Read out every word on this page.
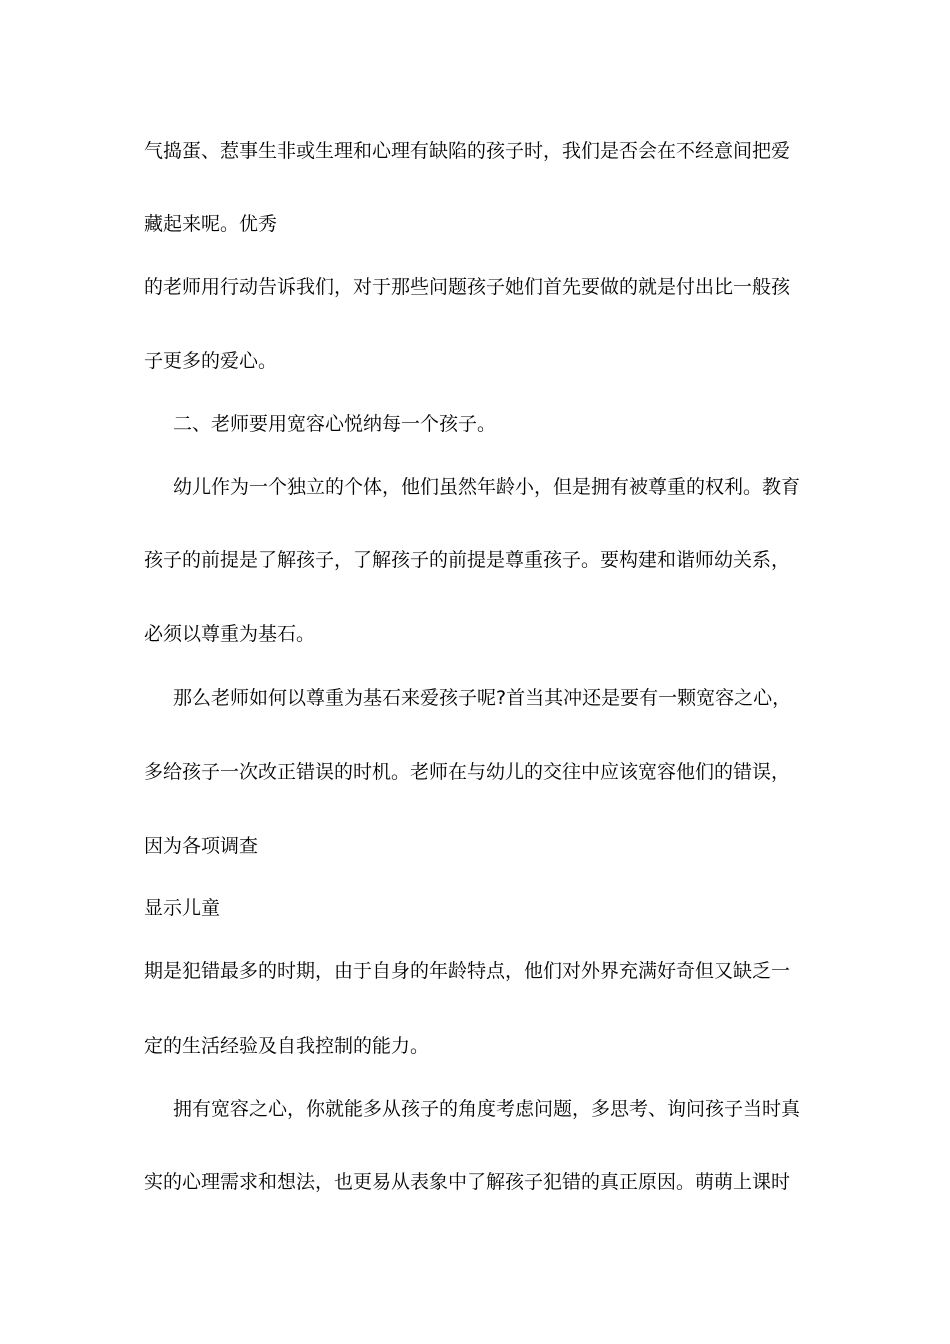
气捣蛋、惹事生非或生理和心理有缺陷的孩子时，我们是否会在不经意间把爱
藏起来呢。优秀
的老师用行动告诉我们，对于那些问题孩子她们首先要做的就是付出比一般孩
子更多的爱心。
二、老师要用宽容心悦纳每一个孩子。
幼儿作为一个独立的个体，他们虽然年龄小，但是拥有被尊重的权利。教育
孩子的前提是了解孩子，了解孩子的前提是尊重孩子。要构建和谐师幼关系，
必须以尊重为基石。
那么老师如何以尊重为基石来爱孩子呢?首当其冲还是要有一颗宽容之心，
多给孩子一次改正错误的时机。老师在与幼儿的交往中应该宽容他们的错误，
因为各项调查
显示儿童
期是犯错最多的时期，由于自身的年龄特点，他们对外界充满好奇但又缺乏一
定的生活经验及自我控制的能力。
拥有宽容之心，你就能多从孩子的角度考虑问题，多思考、询问孩子当时真
实的心理需求和想法，也更易从表象中了解孩子犯错的真正原因。萌萌上课时
